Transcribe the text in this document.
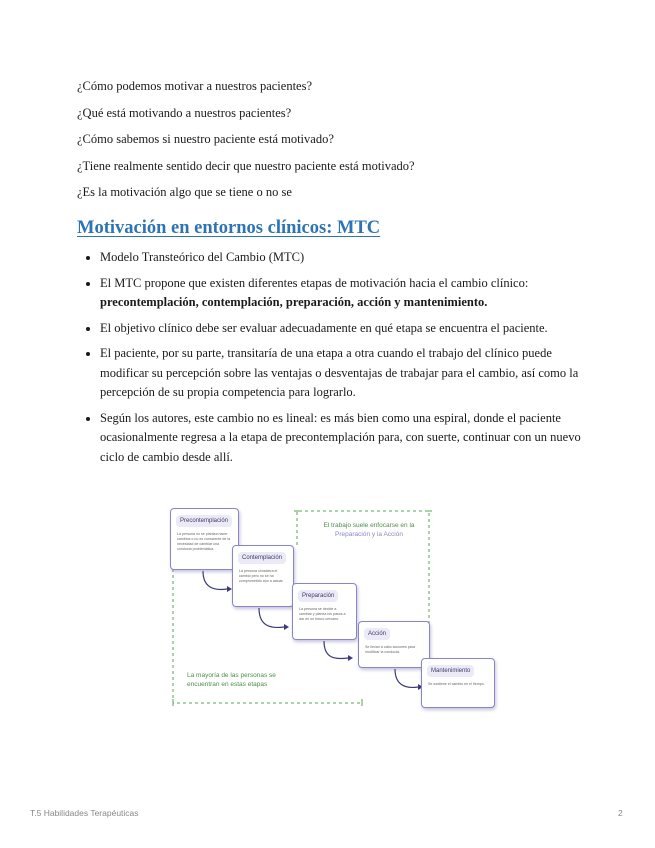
¿Cómo podemos motivar a nuestros pacientes?

¿Qué está motivando a nuestros pacientes?

¿Cómo sabemos si nuestro paciente está motivado?

¿Tiene realmente sentido decir que nuestro paciente está motivado?

¿Es la motivación algo que se tiene o no se

Motivación en entornos clínicos: MTC
• Modelo Transteórico del Cambio (MTC)
• El MTC propone que existen diferentes etapas de motivación hacia el cambio clínico: precontemplación, contemplación, preparación, acción y mantenimiento.
• El objetivo clínico debe ser evaluar adecuadamente en qué etapa se encuentra el paciente.
• El paciente, por su parte, transitaría de una etapa a otra cuando el trabajo del clínico puede modificar su percepción sobre las ventajas o desventajas de trabajar para el cambio, así como la percepción de su propia competencia para lograrlo.
• Según los autores, este cambio no es lineal: es más bien como una espiral, donde el paciente ocasionalmente regresa a la etapa de precontemplación para, con suerte, continuar con un nuevo ciclo de cambio desde allí.
El trabajo suele enfocarse en la
Preparación y la Acción
La mayoría de las personas se
encuentran en estas etapas
Precontemplación
La persona no se plantea hacer cambios o no es consciente de la necesidad de cambiar una conducta problemática.
Contemplación
La persona considera el cambio pero no se ha comprometido aún a actuar.
Preparación
La persona se decide a cambiar y planea los pasos a dar en un futuro cercano.
Acción
Se llevan a cabo acciones para modificar la conducta.
Mantenimiento
Se sostiene el cambio en el tiempo.
T.5 Habilidades Terapéuticas	2
